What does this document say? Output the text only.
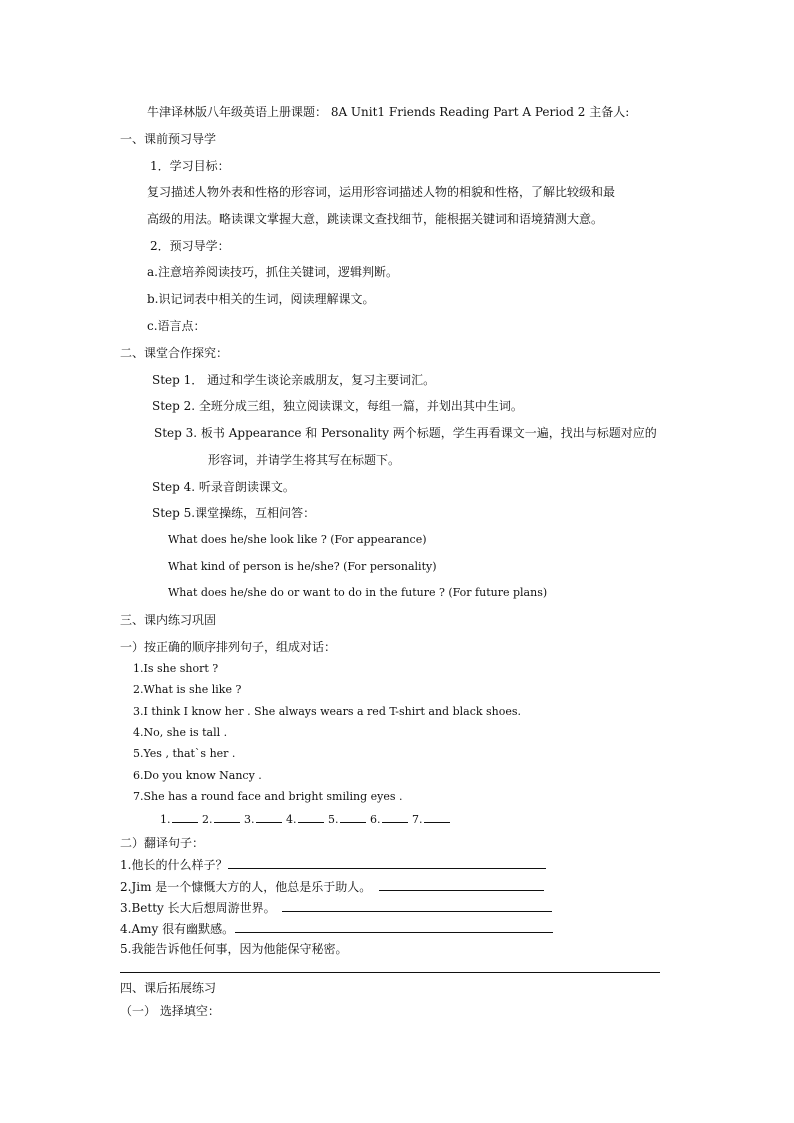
牛津译林版八年级英语上册课题： 8A Unit1 Friends Reading Part A Period 2 主备人:
一、课前预习导学
1．学习目标：
复习描述人物外表和性格的形容词，运用形容词描述人物的相貌和性格，了解比较级和最
高级的用法。略读课文掌握大意，跳读课文查找细节，能根据关键词和语境猜测大意。
2．预习导学：
a.注意培养阅读技巧，抓住关键词，逻辑判断。
b.识记词表中相关的生词，阅读理解课文。
c.语言点：
二、课堂合作探究：
Step 1． 通过和学生谈论亲戚朋友，复习主要词汇。
Step 2. 全班分成三组，独立阅读课文，每组一篇，并划出其中生词。
Step 3. 板书 Appearance 和 Personality 两个标题，学生再看课文一遍，找出与标题对应的
形容词，并请学生将其写在标题下。
Step 4. 听录音朗读课文。
Step 5.课堂操练，互相问答：
What does he/she look like ? (For appearance)
What kind of person is he/she? (For personality)
What does he/she do or want to do in the future ? (For future plans)
三、课内练习巩固
一）按正确的顺序排列句子，组成对话：
1.Is she short ?
2.What is she like ?
3.I think I know her . She always wears a red T-shirt and black shoes.
4.No, she is tall .
5.Yes , that`s her .
6.Do you know Nancy .
7.She has a round face and bright smiling eyes .
1.	2.	3.	4.	5.	6.	7.
二）翻译句子：
1.他长的什么样子？
2.Jim 是一个慷慨大方的人，他总是乐于助人。
3.Betty 长大后想周游世界。
4.Amy 很有幽默感。
5.我能告诉他任何事，因为他能保守秘密。
四、课后拓展练习
（一） 选择填空：
